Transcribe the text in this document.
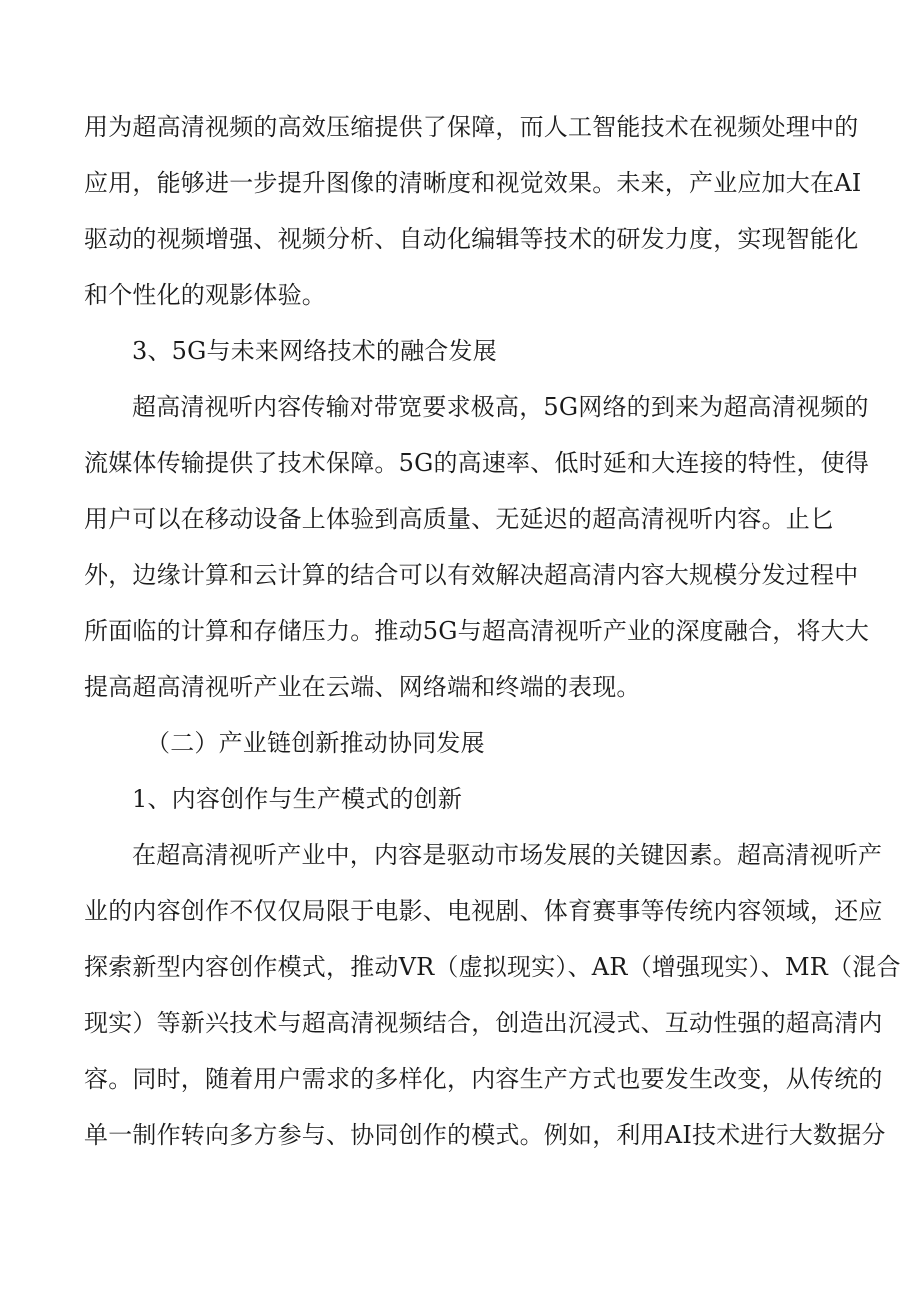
用为超高清视频的高效压缩提供了保障，而人工智能技术在视频处理中的
应用，能够进一步提升图像的清晰度和视觉效果。未来，产业应加大在AI
驱动的视频增强、视频分析、自动化编辑等技术的研发力度，实现智能化
和个性化的观影体验。
3、5G与未来网络技术的融合发展
超高清视听内容传输对带宽要求极高，5G网络的到来为超高清视频的
流媒体传输提供了技术保障。5G的高速率、低时延和大连接的特性，使得
用户可以在移动设备上体验到高质量、无延迟的超高清视听内容。止匕
外，边缘计算和云计算的结合可以有效解决超高清内容大规模分发过程中
所面临的计算和存储压力。推动5G与超高清视听产业的深度融合，将大大
提高超高清视听产业在云端、网络端和终端的表现。
（二）产业链创新推动协同发展
1、内容创作与生产模式的创新
在超高清视听产业中，内容是驱动市场发展的关键因素。超高清视听产
业的内容创作不仅仅局限于电影、电视剧、体育赛事等传统内容领域，还应
探索新型内容创作模式，推动VR（虚拟现实）、AR（增强现实）、MR（混合
现实）等新兴技术与超高清视频结合，创造出沉浸式、互动性强的超高清内
容。同时，随着用户需求的多样化，内容生产方式也要发生改变，从传统的
单一制作转向多方参与、协同创作的模式。例如，利用AI技术进行大数据分
